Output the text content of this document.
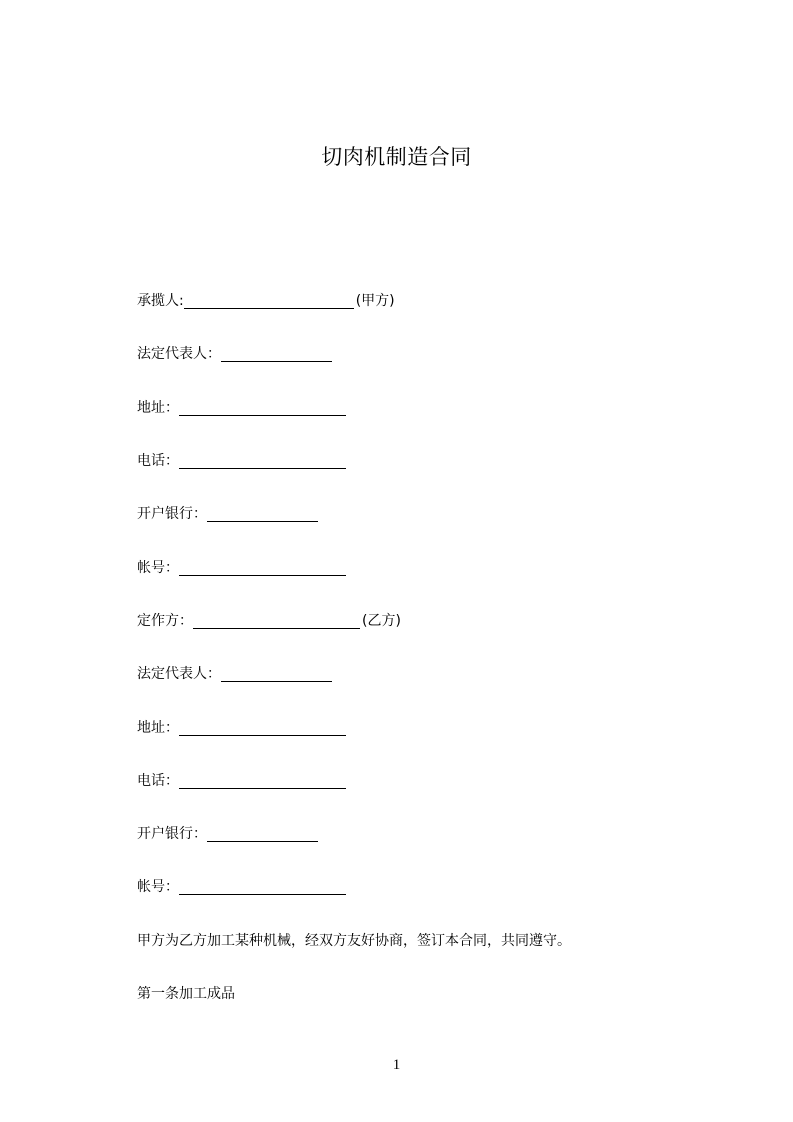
切肉机制造合同
承揽人:	(甲方)
法定代表人：
地址：
电话：
开户银行：
帐号：
定作方：	(乙方)
法定代表人：
地址：
电话：
开户银行：
帐号：
甲方为乙方加工某种机械，经双方友好协商，签订本合同，共同遵守。
第一条加工成品
1
